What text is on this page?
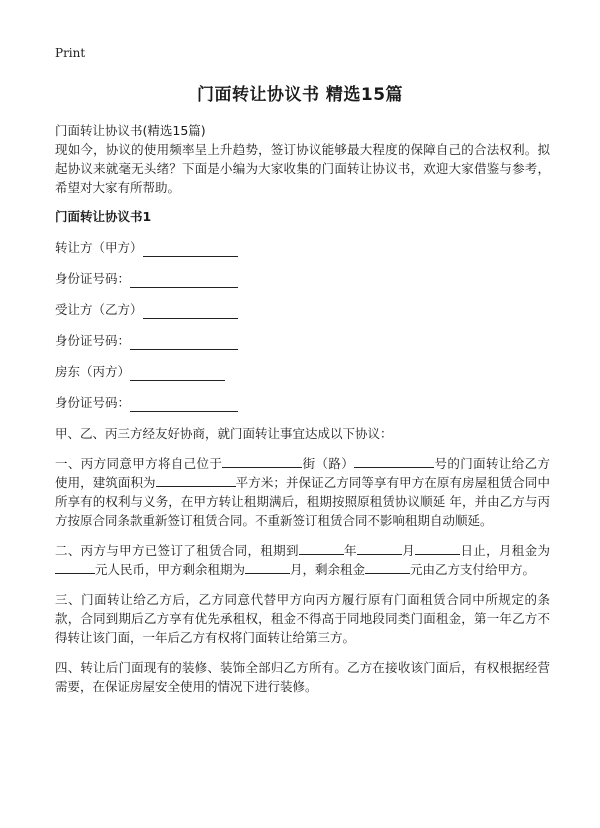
Print
门面转让协议书 精选15篇

门面转让协议书(精选15篇)

现如今，协议的使用频率呈上升趋势，签订协议能够最大程度的保障自己的合法权利。拟起协议来就毫无头绪？下面是小编为大家收集的门面转让协议书，欢迎大家借鉴与参考，希望对大家有所帮助。

门面转让协议书1

转让方（甲方）
身份证号码：
受让方（乙方）
身份证号码：
房东（丙方）
身份证号码：

甲、乙、丙三方经友好协商，就门面转让事宜达成以下协议：

一、丙方同意甲方将自己位于	街（路）	号的门面转让给乙方使用，建筑面积为	平方米；并保证乙方同等享有甲方在原有房屋租赁合同中所享有的权利与义务，在甲方转让租期满后，租期按照原租赁协议顺延 年，并由乙方与丙方按原合同条款重新签订租赁合同。不重新签订租赁合同不影响租期自动顺延。

二、丙方与甲方已签订了租赁合同，租期到	年	月	日止，月租金为元人民币，甲方剩余租期为	月，剩余租金	元由乙方支付给甲方。

三、门面转让给乙方后，乙方同意代替甲方向丙方履行原有门面租赁合同中所规定的条款，合同到期后乙方享有优先承租权，租金不得高于同地段同类门面租金，第一年乙方不得转让该门面，一年后乙方有权将门面转让给第三方。

四、转让后门面现有的装修、装饰全部归乙方所有。乙方在接收该门面后，有权根据经营需要，在保证房屋安全使用的情况下进行装修。
